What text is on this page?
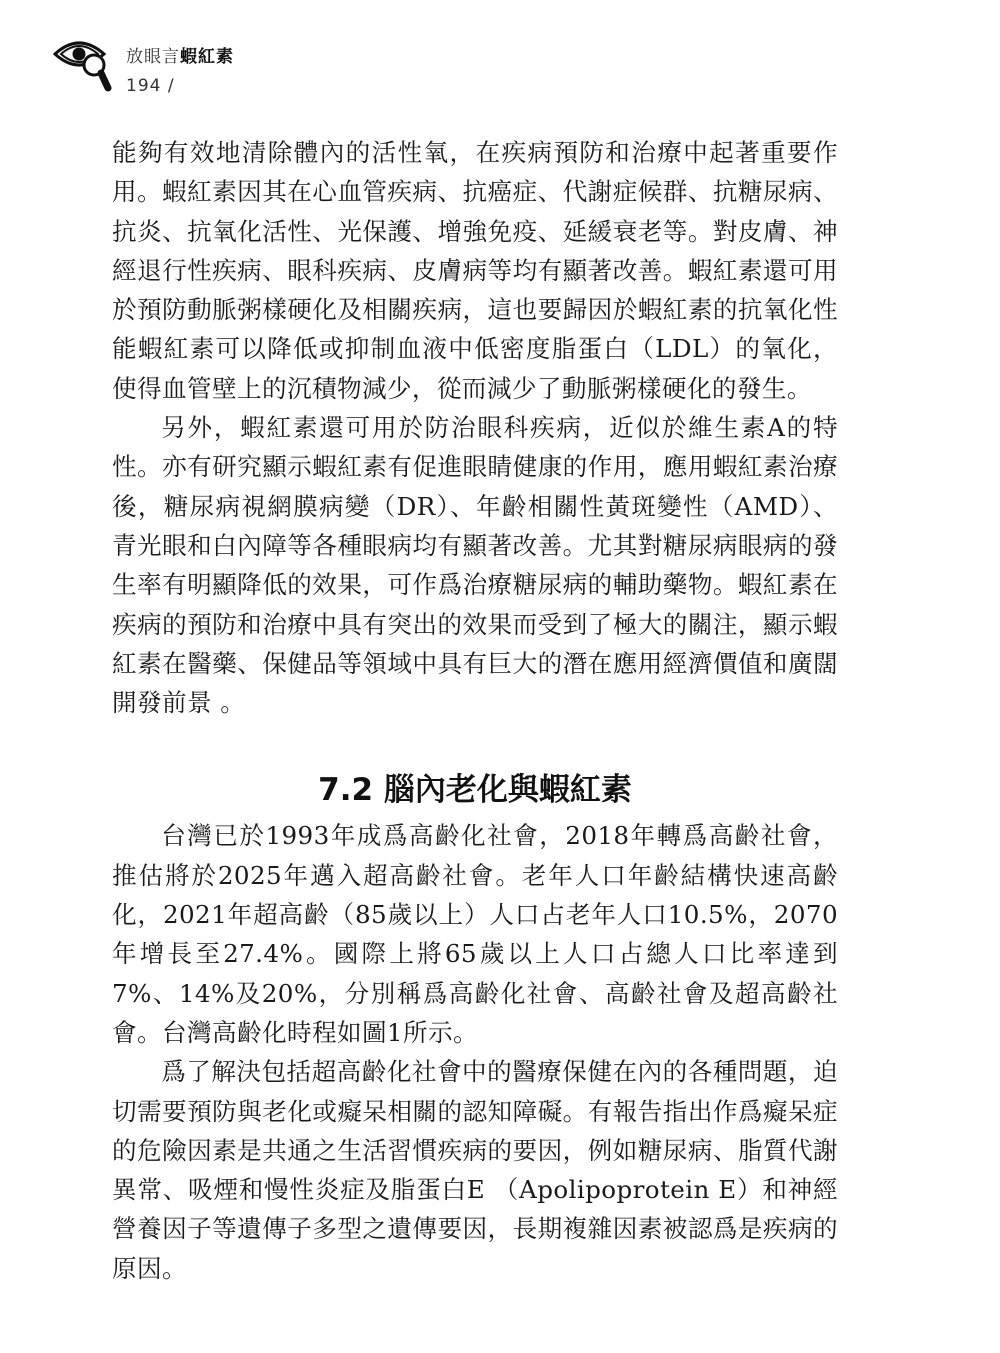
放眼言蝦紅素
194 /

能夠有效地清除體內的活性氧，在疾病預防和治療中起著重要作用。蝦紅素因其在心血管疾病、抗癌症、代謝症候群、抗糖尿病、抗炎、抗氧化活性、光保護、增強免疫、延緩衰老等。對皮膚、神經退行性疾病、眼科疾病、皮膚病等均有顯著改善。蝦紅素還可用於預防動脈粥樣硬化及相關疾病，這也要歸因於蝦紅素的抗氧化性能蝦紅素可以降低或抑制血液中低密度脂蛋白（LDL）的氧化，使得血管壁上的沉積物減少，從而減少了動脈粥樣硬化的發生。

另外，蝦紅素還可用於防治眼科疾病，近似於維生素A的特性。亦有研究顯示蝦紅素有促進眼睛健康的作用，應用蝦紅素治療後，糖尿病視網膜病變（DR）、年齡相關性黃斑變性（AMD）、青光眼和白內障等各種眼病均有顯著改善。尤其對糖尿病眼病的發生率有明顯降低的效果，可作爲治療糖尿病的輔助藥物。蝦紅素在疾病的預防和治療中具有突出的效果而受到了極大的關注，顯示蝦紅素在醫藥、保健品等領域中具有巨大的潛在應用經濟價值和廣闊開發前景 。

7.2 腦內老化與蝦紅素

台灣已於1993年成爲高齡化社會，2018年轉爲高齡社會，推估將於2025年邁入超高齡社會。老年人口年齡結構快速高齡化，2021年超高齡（85歲以上）人口占老年人口10.5%，2070年增長至27.4%。國際上將65歲以上人口占總人口比率達到7%、14%及20%，分別稱爲高齡化社會、高齡社會及超高齡社會。台灣高齡化時程如圖1所示。

爲了解決包括超高齡化社會中的醫療保健在內的各種問題，迫切需要預防與老化或癡呆相關的認知障礙。有報告指出作爲癡呆症的危險因素是共通之生活習慣疾病的要因，例如糖尿病、脂質代謝異常、吸煙和慢性炎症及脂蛋白E （Apolipoprotein E）和神經營養因子等遺傳子多型之遺傳要因，長期複雜因素被認爲是疾病的原因。
